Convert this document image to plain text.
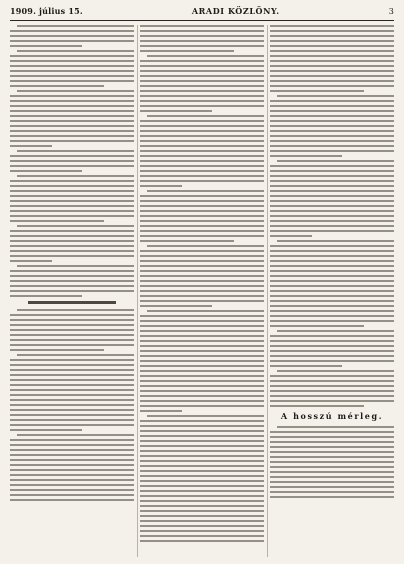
1909. július 15.	ARADI KÖZLÖNY.	3
A hosszú mérleg.
